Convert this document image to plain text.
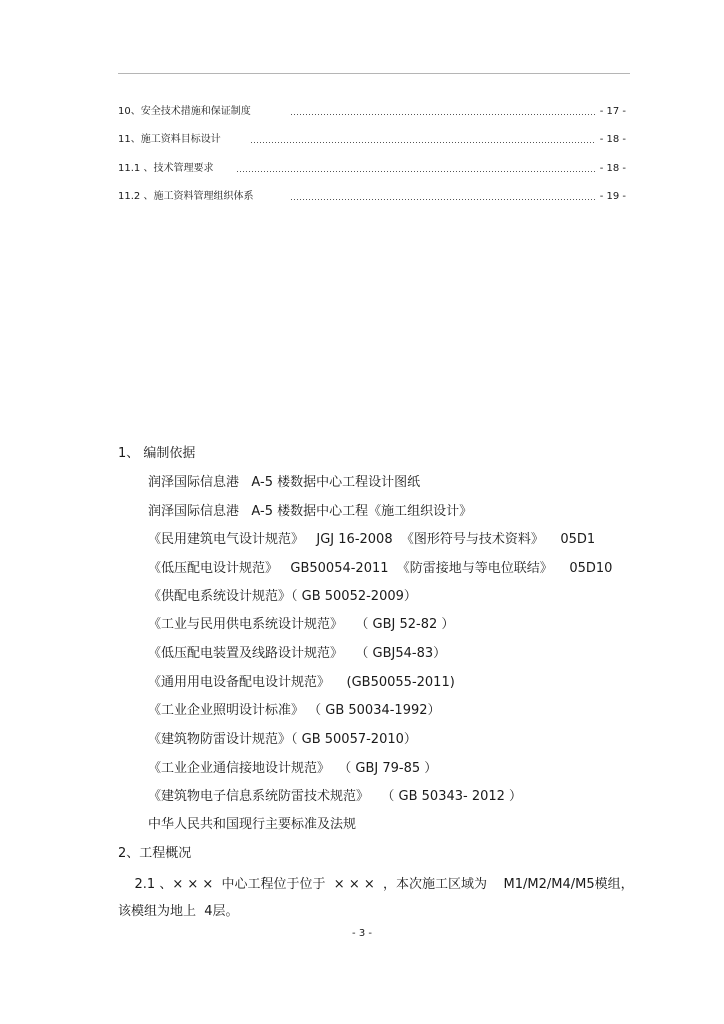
10、安全技术措施和保证制度	- 17 -
11、施工资料目标设计	- 18 -
11.1 、技术管理要求	- 18 -
11.2 、施工资料管理组织体系	- 19 -
1、 编制依据
润泽国际信息港   A-5 楼数据中心工程设计图纸
润泽国际信息港   A-5 楼数据中心工程《施工组织设计》
《民用建筑电气设计规范》   JGJ 16-2008  《图形符号与技术资料》    05D1
《低压配电设计规范》   GB50054-2011  《防雷接地与等电位联结》    05D10
《供配电系统设计规范》（ GB 50052-2009）
《工业与民用供电系统设计规范》   （ GBJ 52-82 ）
《低压配电装置及线路设计规范》   （ GBJ54-83）
《通用用电设备配电设计规范》    (GB50055-2011)
《工业企业照明设计标准》 （ GB 50034-1992）
《建筑物防雷设计规范》（ GB 50057-2010）
《工业企业通信接地设计规范》  （ GBJ 79-85 ）
《建筑物电子信息系统防雷技术规范》   （ GB 50343- 2012 ）
中华人民共和国现行主要标准及法规
2、工程概况
2.1 、× × ×  中心工程位于位于  × × ×  ，本次施工区域为    M1/M2/M4/M5模组，
该模组为地上  4层。
- 3 -
